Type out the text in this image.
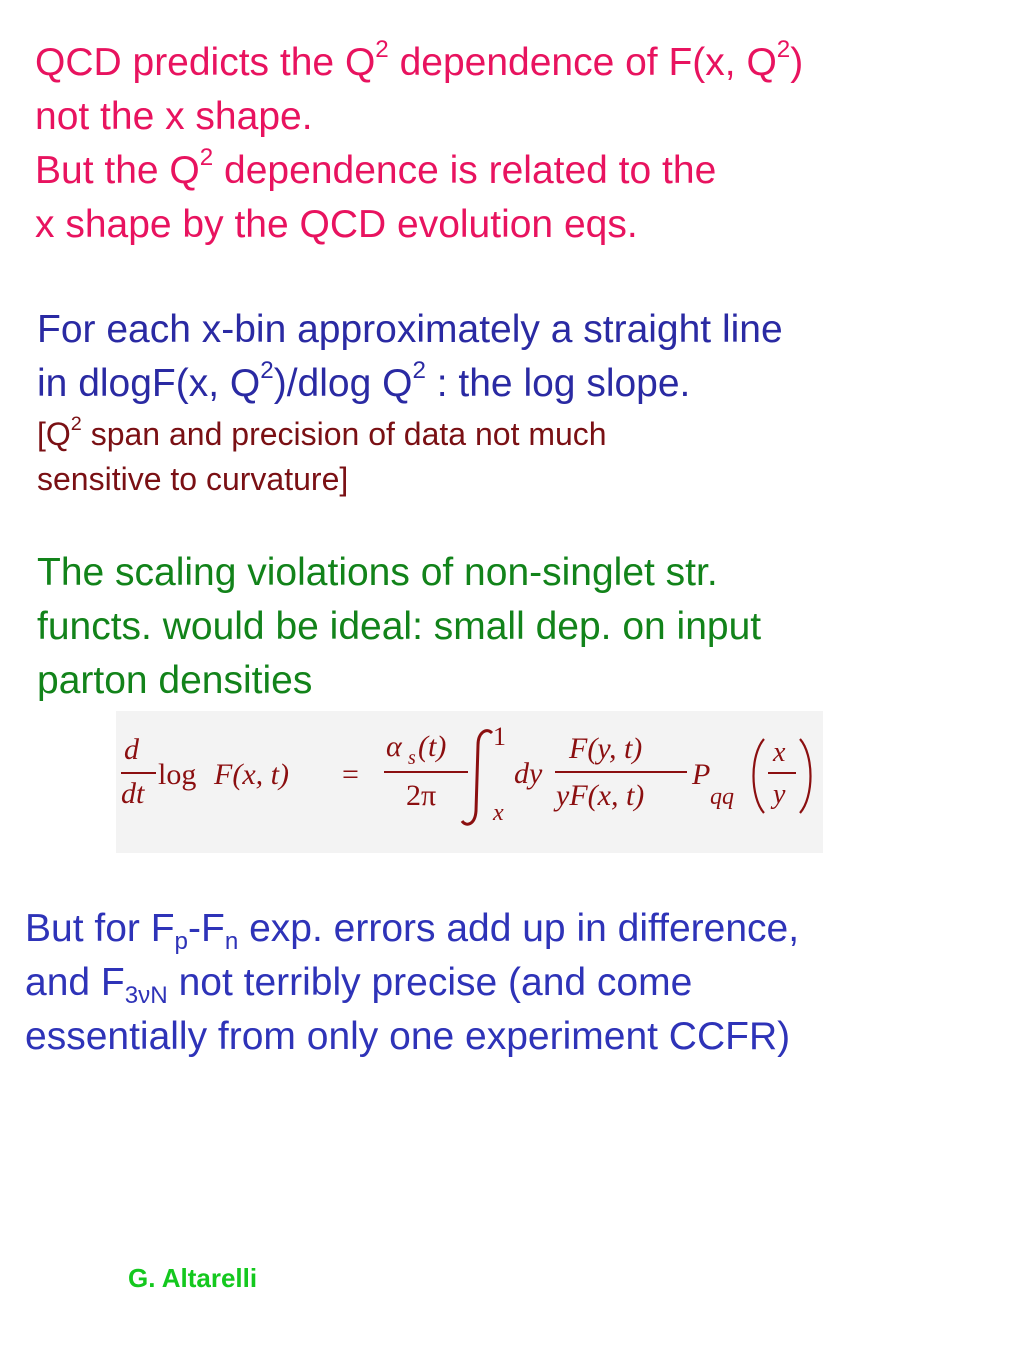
QCD predicts the $Q^2$ dependence of F(x, $Q^2$)
not the x shape.
But the $Q^2$ dependence is related to the
x shape by the QCD evolution eqs.
For each x-bin approximately a straight line
in dlogF(x, $Q^2$)/dlog $Q^2$ : the log slope.
[$Q^2$ span and precision of data not much
sensitive to curvature]
The scaling violations of non-singlet str.
functs. would be ideal: small dep. on input
parton densities
d
dt
log F(x, t) =
α s (t)
2π
1
x
dy
F(y, t)
yF(x, t)
P
qq
x
y
But for $F_p-F_n$ exp. errors add up in difference,
and $F_{3\nu N}$ not terribly precise (and come
essentially from only one experiment CCFR)
G. Altarelli
